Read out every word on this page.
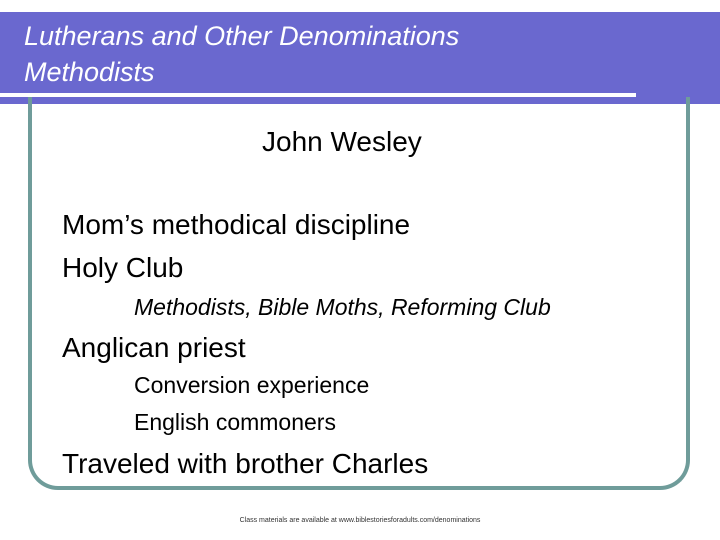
Lutherans and Other Denominations
Methodists
John Wesley
Mom’s methodical discipline
Holy Club
Methodists, Bible Moths, Reforming Club
Anglican priest
Conversion experience
English commoners
Traveled with brother Charles
Class materials are available at www.biblestoriesforadults.com/denominations
